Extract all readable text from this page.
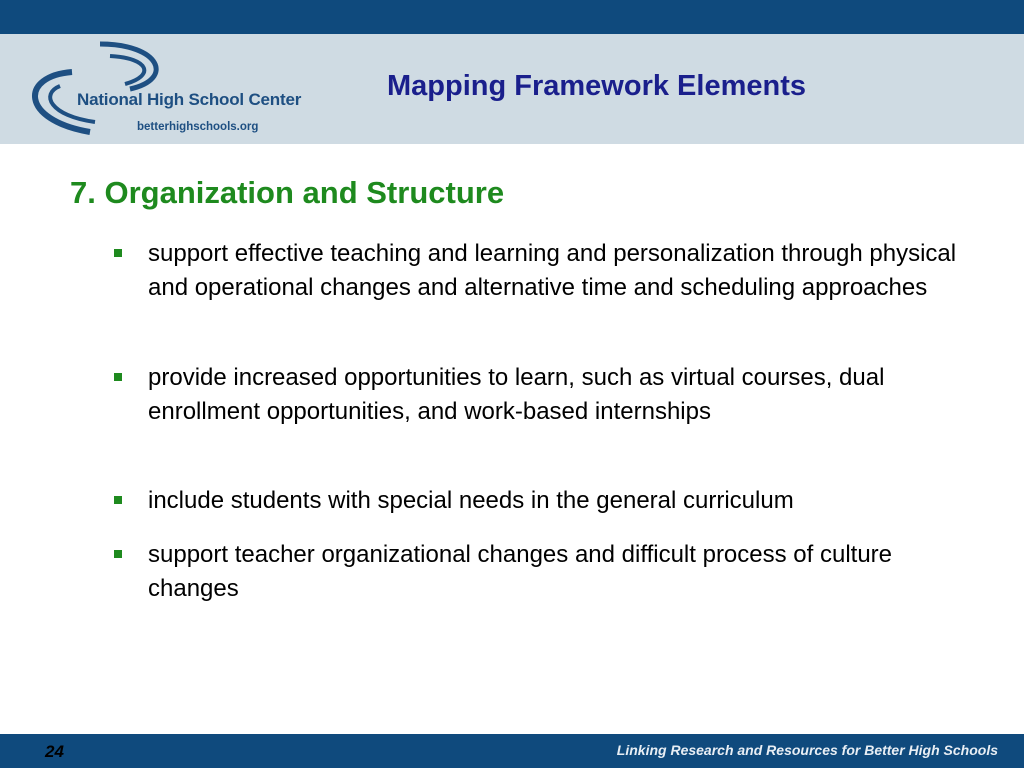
National High School Center
betterhighschools.org
Mapping Framework Elements
7. Organization and Structure
support effective teaching and learning and personalization through physical and operational changes and alternative time and scheduling approaches
provide increased opportunities to learn, such as virtual courses, dual enrollment opportunities, and work-based internships
include students with special needs in the general curriculum
support teacher organizational changes and difficult process of culture changes
24	Linking Research and Resources for Better High Schools
